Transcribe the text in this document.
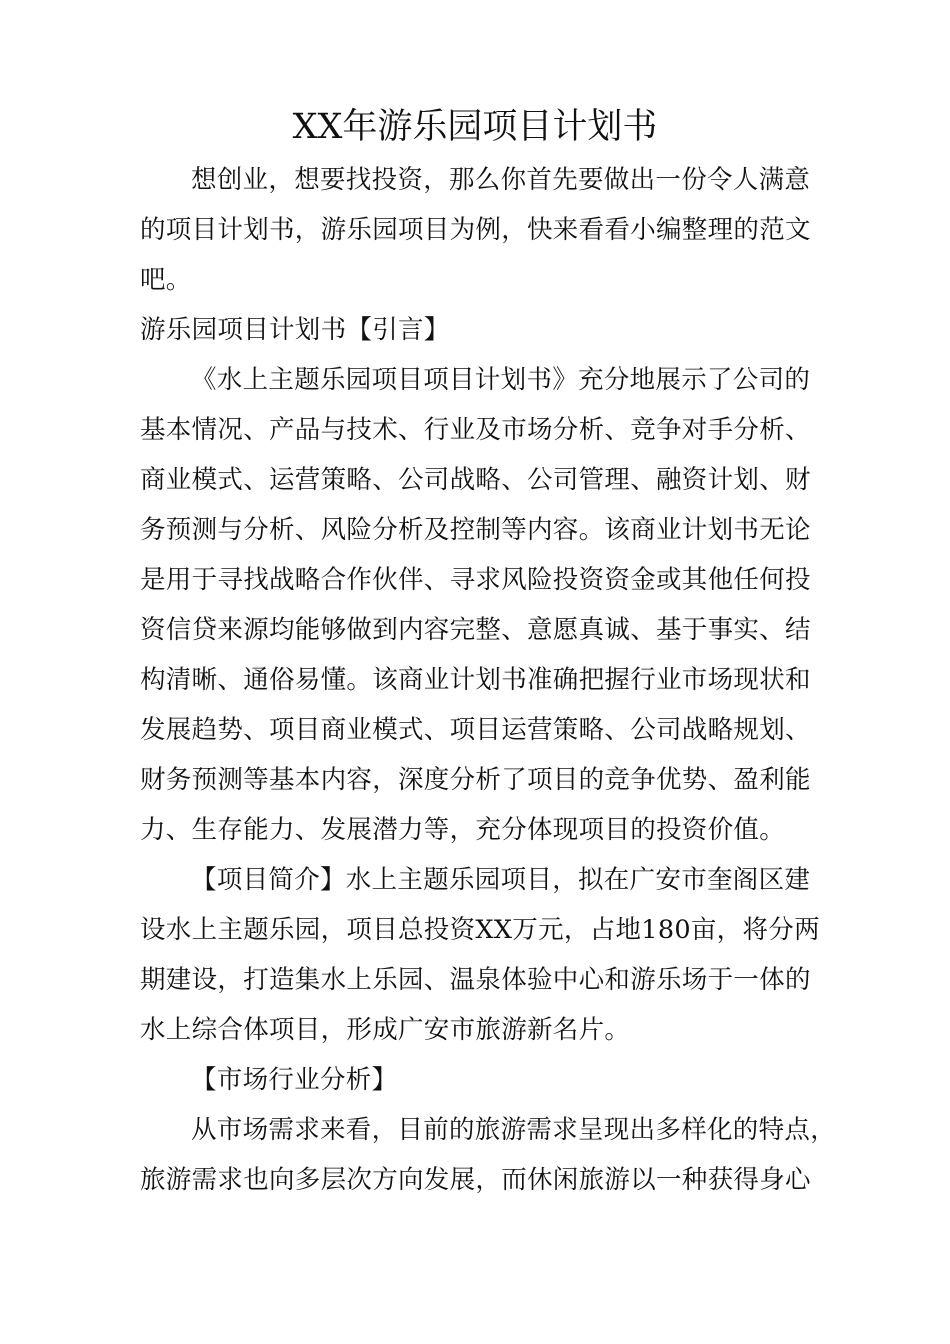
XX年游乐园项目计划书
想创业，想要找投资，那么你首先要做出一份令人满意
的项目计划书，游乐园项目为例，快来看看小编整理的范文
吧。
游乐园项目计划书【引言】
《水上主题乐园项目项目计划书》充分地展示了公司的
基本情况、产品与技术、行业及市场分析、竞争对手分析、
商业模式、运营策略、公司战略、公司管理、融资计划、财
务预测与分析、风险分析及控制等内容。该商业计划书无论
是用于寻找战略合作伙伴、寻求风险投资资金或其他任何投
资信贷来源均能够做到内容完整、意愿真诚、基于事实、结
构清晰、通俗易懂。该商业计划书准确把握行业市场现状和
发展趋势、项目商业模式、项目运营策略、公司战略规划、
财务预测等基本内容，深度分析了项目的竞争优势、盈利能
力、生存能力、发展潜力等，充分体现项目的投资价值。
【项目简介】水上主题乐园项目，拟在广安市奎阁区建
设水上主题乐园，项目总投资XX万元，占地180亩，将分两
期建设，打造集水上乐园、温泉体验中心和游乐场于一体的
水上综合体项目，形成广安市旅游新名片。
【市场行业分析】
从市场需求来看，目前的旅游需求呈现出多样化的特点，
旅游需求也向多层次方向发展，而休闲旅游以一种获得身心
